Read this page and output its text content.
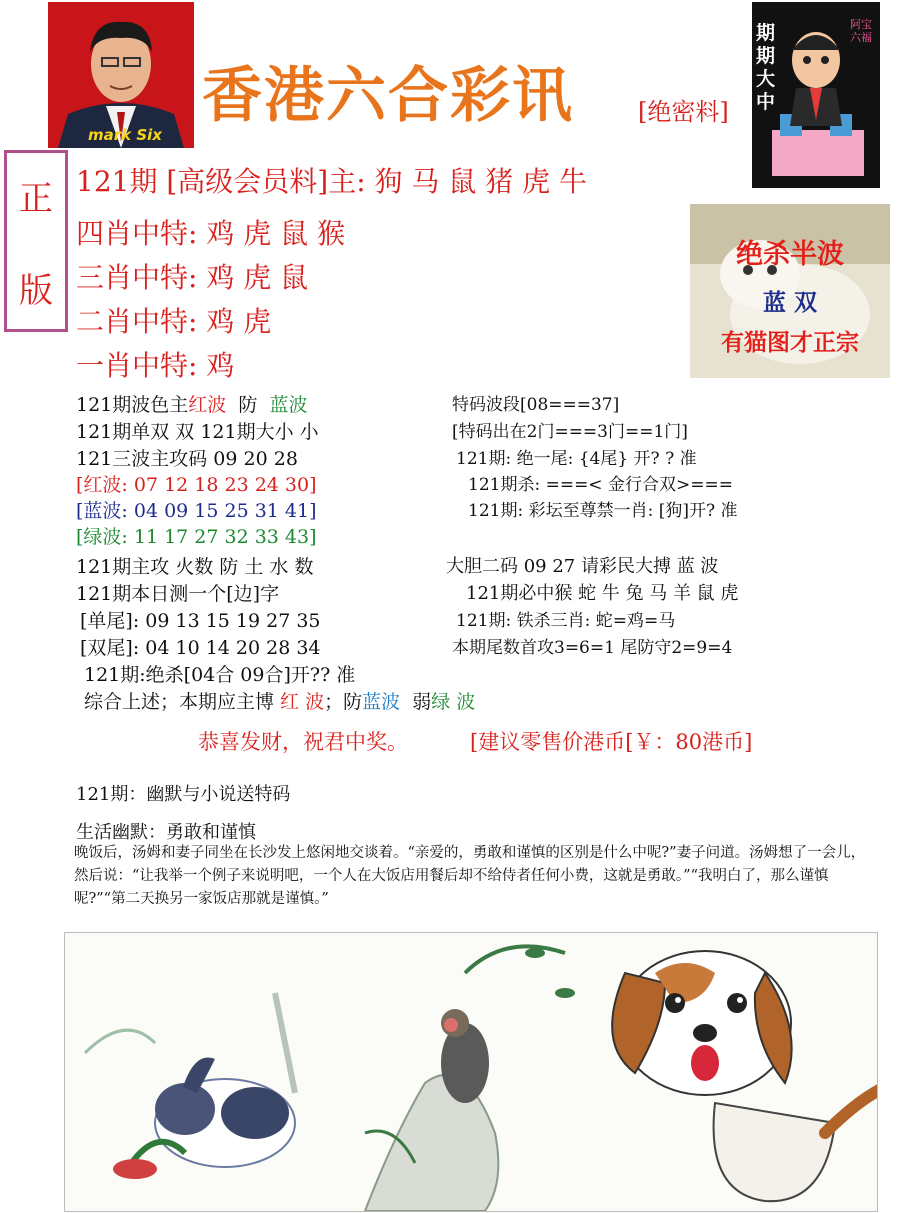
mark Six
香港六合彩讯	[绝密料]
期期大中
阿宝六福
正
版
121期 [高级会员料]主: 狗 马 鼠 猪 虎 牛
四肖中特: 鸡 虎 鼠 猴
三肖中特: 鸡 虎 鼠
二肖中特: 鸡 虎
一肖中特: 鸡
绝杀半波
蓝 双
有猫图才正宗
121期波色主红波  防  蓝波
121期单双 双 121期大小 小
121三波主攻码 09 20 28
[红波: 07 12 18 23 24 30]
[蓝波: 04 09 15 25 31 41]
[绿波: 11 17 27 32 33 43]
121期主攻 火数 防 土 水 数
121期本日测一个[边]字
[单尾]: 09 13 15 19 27 35
[双尾]: 04 10 14 20 28 34
121期:绝杀[04合 09合]开?? 准
综合上述；本期应主博 红 波；防蓝波  弱绿 波
特码波段[08===37]
[特码出在2门===3门==1门]
121期: 绝一尾: {4尾} 开? ? 准
121期杀: ===< 金行合双>===
121期: 彩坛至尊禁一肖: [狗]开? 准
大胆二码 09 27 请彩民大搏 蓝 波
121期必中猴 蛇 牛 兔 马 羊 鼠 虎
121期: 铁杀三肖: 蛇=鸡=马
本期尾数首攻3=6=1 尾防守2=9=4
恭喜发财，祝君中奖。	[建议零售价港币[￥：80港币]
121期：幽默与小说送特码
生活幽默：勇敢和谨慎
晚饭后，汤姆和妻子同坐在长沙发上悠闲地交谈着。“亲爱的，勇敢和谨慎的区别是什么中呢?”妻子问道。汤姆想了一会儿，然后说：“让我举一个例子来说明吧，一个人在大饭店用餐后却不给侍者任何小费，这就是勇敢。”“我明白了，那么谨慎呢?”“第二天换另一家饭店那就是谨慎。”
